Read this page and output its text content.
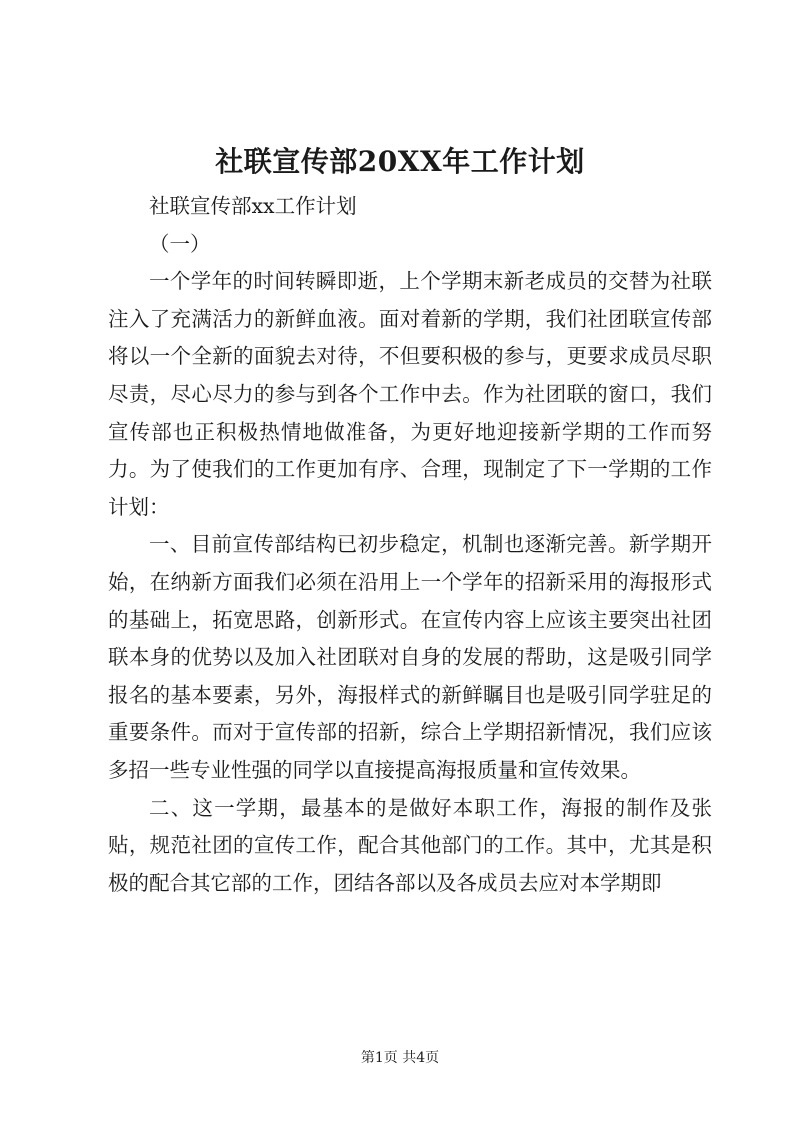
社联宣传部20XX年工作计划

社联宣传部xx工作计划

（一）

一个学年的时间转瞬即逝，上个学期末新老成员的交替为社联注入了充满活力的新鲜血液。面对着新的学期，我们社团联宣传部将以一个全新的面貌去对待，不但要积极的参与，更要求成员尽职尽责，尽心尽力的参与到各个工作中去。作为社团联的窗口，我们宣传部也正积极热情地做准备，为更好地迎接新学期的工作而努力。为了使我们的工作更加有序、合理，现制定了下一学期的工作计划：

一、目前宣传部结构已初步稳定，机制也逐渐完善。新学期开始，在纳新方面我们必须在沿用上一个学年的招新采用的海报形式的基础上，拓宽思路，创新形式。在宣传内容上应该主要突出社团联本身的优势以及加入社团联对自身的发展的帮助，这是吸引同学报名的基本要素，另外，海报样式的新鲜瞩目也是吸引同学驻足的重要条件。而对于宣传部的招新，综合上学期招新情况，我们应该多招一些专业性强的同学以直接提高海报质量和宣传效果。

二、这一学期，最基本的是做好本职工作，海报的制作及张贴，规范社团的宣传工作，配合其他部门的工作。其中，尤其是积极的配合其它部的工作，团结各部以及各成员去应对本学期即

第1页 共4页
